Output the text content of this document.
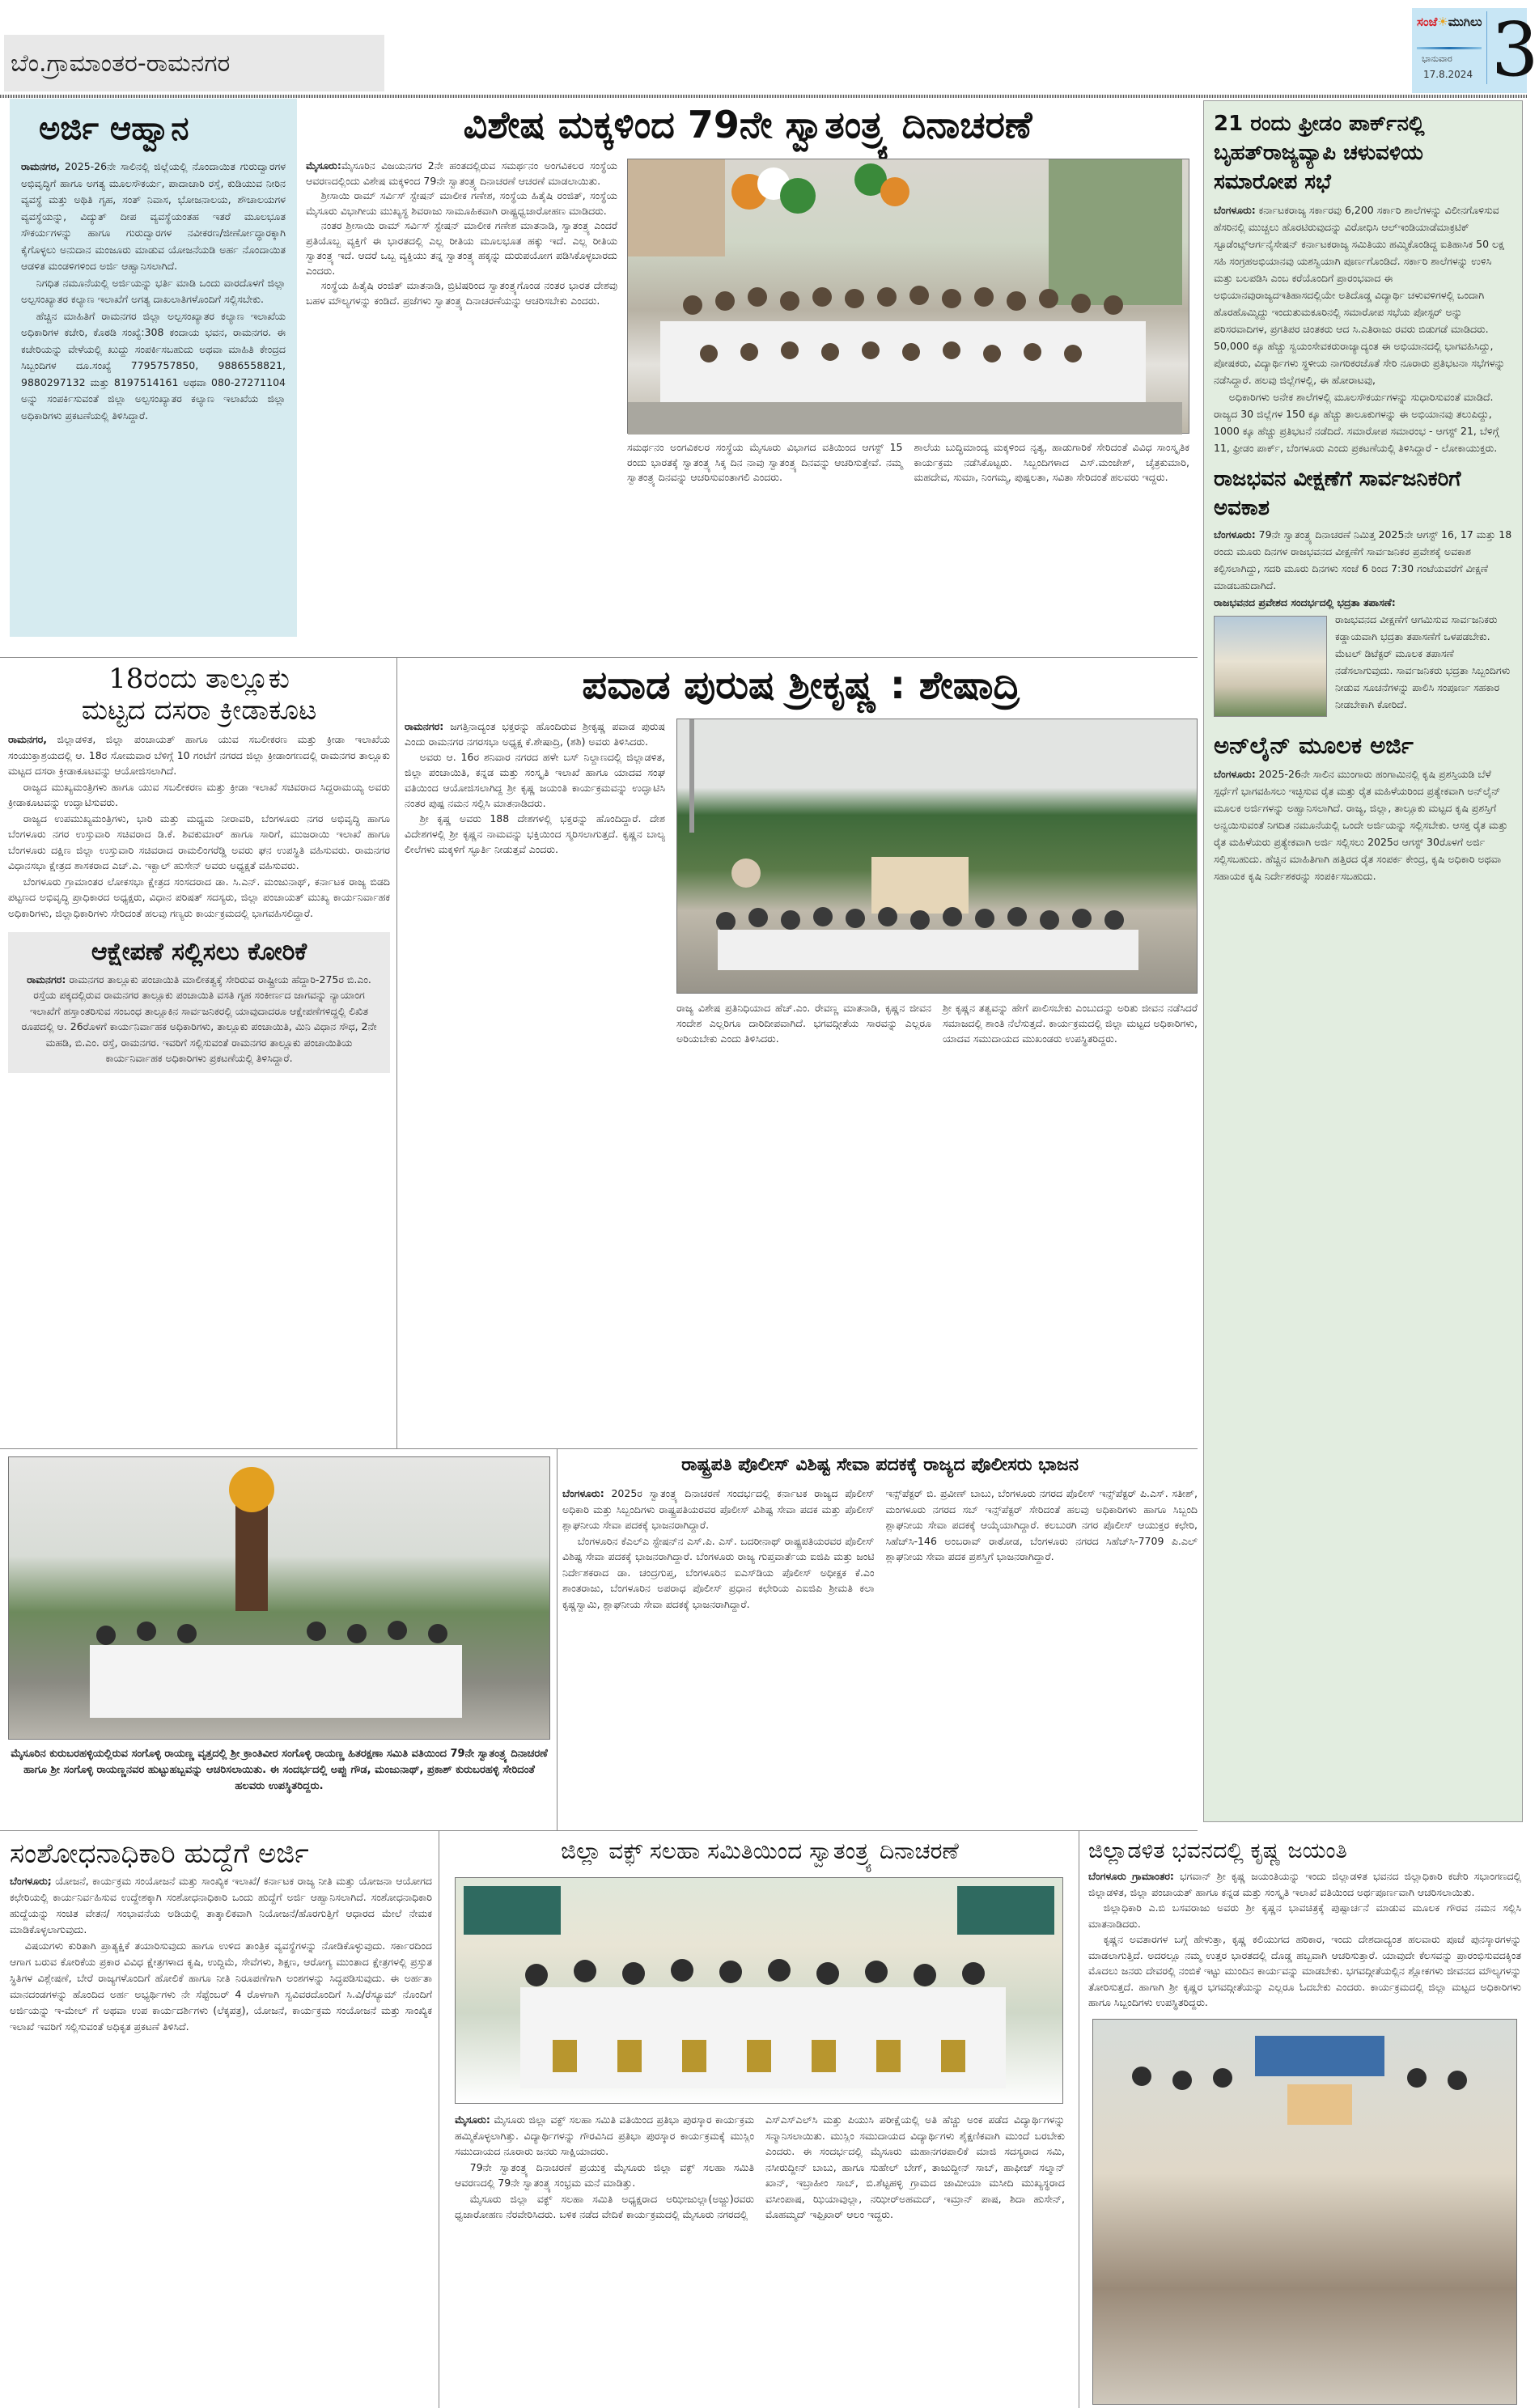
ಬೆಂ.ಗ್ರಾಮಾಂತರ-ರಾಮನಗರ
ಸಂಜೆ☀ಮುಗಿಲು
ಭಾನುವಾರ
17.8.2024 3
ಅರ್ಜಿ ಆಹ್ವಾನ

ರಾಮನಗರ, 2025-26ನೇ ಸಾಲಿನಲ್ಲಿ ಜಿಲ್ಲೆಯಲ್ಲಿ ನೊಂದಾಯಿತ ಗುರುದ್ವಾರಗಳ ಅಭಿವೃದ್ಧಿಗೆ ಹಾಗೂ ಅಗತ್ಯ ಮೂಲಸೌಕರ್ಯ, ಪಾದಾಚಾರಿ ರಸ್ತೆ, ಕುಡಿಯುವ ನೀರಿನ ವ್ಯವಸ್ಥೆ ಮತ್ತು ಅಥಿತಿ ಗೃಹ, ಸಂತ್ ನಿವಾಸ, ಭೋಜನಾಲಯ, ಶೌಚಾಲಯಗಳ ವ್ಯವಸ್ಥೆಯನ್ನು, ವಿದ್ಯುತ್ ದೀಪ ವ್ಯವಸ್ಥೆಯಂತಹ ಇತರೆ ಮೂಲಭೂತ ಸೌಕರ್ಯಗಳನ್ನು ಹಾಗೂ ಗುರುದ್ವಾರಗಳ ನವೀಕರಣ/ಜೀರ್ಣೋದ್ಧಾರಕ್ಕಾಗಿ ಕೈಗೊಳ್ಳಲು ಅನುದಾನ ಮಂಜೂರು ಮಾಡುವ ಯೋಜನೆಯಡಿ ಅರ್ಹ ನೊಂದಾಯಿತ ಆಡಳಿತ ಮಂಡಳಿಗಳಿಂದ ಅರ್ಜಿ ಆಹ್ವಾನಿಸಲಾಗಿದೆ.

ನಿಗಧಿತ ನಮೂನೆಯಲ್ಲಿ ಅರ್ಜಿಯನ್ನು ಭರ್ತಿ ಮಾಡಿ ಒಂದು ವಾರದೊಳಗೆ ಜಿಲ್ಲಾ ಅಲ್ಪಸಂಖ್ಯಾತರ ಕಲ್ಯಾಣ ಇಲಾಖೆಗೆ ಅಗತ್ಯ ದಾಖಲಾತಿಗಳೊಂದಿಗೆ ಸಲ್ಲಿಸಬೇಕು.

ಹೆಚ್ಚಿನ ಮಾಹಿತಿಗೆ ರಾಮನಗರ ಜಿಲ್ಲಾ ಅಲ್ಪಸಂಖ್ಯಾತರ ಕಲ್ಯಾಣ ಇಲಾಖೆಯ ಅಧಿಕಾರಿಗಳ ಕಚೇರಿ, ಕೊಠಡಿ ಸಂಖ್ಯೆ:308 ಕಂದಾಯ ಭವನ, ರಾಮನಗರ. ಈ ಕಚೇರಿಯನ್ನು ವೇಳೆಯಲ್ಲಿ ಖುದ್ದು ಸಂಪರ್ಕಿಸಬಹುದು ಅಥವಾ ಮಾಹಿತಿ ಕೇಂದ್ರದ ಸಿಬ್ಬಂದಿಗಳ ದೂ.ಸಂಖ್ಯೆ 7795757850, 9886558821, 9880297132 ಮತ್ತು 8197514161 ಅಥವಾ 080-27271104 ಅನ್ನು ಸಂಪರ್ಕಿಸುವಂತೆ ಜಿಲ್ಲಾ ಅಲ್ಪಸಂಖ್ಯಾತರ ಕಲ್ಯಾಣ ಇಲಾಖೆಯ ಜಿಲ್ಲಾ ಅಧಿಕಾರಿಗಳು ಪ್ರಕಟಣೆಯಲ್ಲಿ ತಿಳಿಸಿದ್ದಾರೆ.

ವಿಶೇಷ ಮಕ್ಕಳಿಂದ 79ನೇ ಸ್ವಾತಂತ್ರ್ಯ ದಿನಾಚರಣೆ

ಮೈಸೂರು:ಮೈಸೂರಿನ ವಿಜಯನಗರ 2ನೇ ಹಂತದಲ್ಲಿರುವ ಸಮರ್ಥನಂ ಅಂಗವಿಕಲರ ಸಂಸ್ಥೆಯ ಆವರಣದಲ್ಲಿಂದು ವಿಶೇಷ ಮಕ್ಕಳಿಂದ 79ನೇ ಸ್ವಾತಂತ್ರ್ಯ ದಿನಾಚರಣೆ ಆಚರಣೆ ಮಾಡಲಾಯಿತು.

ಶ್ರೀಸಾಯಿ ರಾಮ್ ಸರ್ವಿಸ್ ಸ್ಟೇಷನ್ ಮಾಲೀಕ ಗಣೇಶ, ಸಂಸ್ಥೆಯ ಹಿತೈಷಿ ರಂಜಿತ್, ಸಂಸ್ಥೆಯ ಮೈಸೂರು ವಿಭಾಗೀಯ ಮುಖ್ಯಸ್ಥ ಶಿವರಾಜು ಸಾಮೂಹಿಕವಾಗಿ ರಾಷ್ಟ್ರಧ್ವಜಾರೋಹಣ ಮಾಡಿದರು.

ನಂತರ ಶ್ರೀಸಾಯಿ ರಾಮ್ ಸರ್ವಿಸ್ ಸ್ಟೇಷನ್ ಮಾಲೀಕ ಗಣೇಶ ಮಾತನಾಡಿ, ಸ್ವಾತಂತ್ರ್ಯ ಎಂದರೆ ಪ್ರತಿಯೊಬ್ಬ ವ್ಯಕ್ತಿಗೆ ಈ ಭಾರತದಲ್ಲಿ ಎಲ್ಲ ರೀತಿಯ ಮೂಲಭೂತ ಹಕ್ಕು ಇದೆ. ಎಲ್ಲ ರೀತಿಯ ಸ್ವಾತಂತ್ರ್ಯ ಇದೆ. ಆದರೆ ಒಬ್ಬ ವ್ಯಕ್ತಿಯು ತನ್ನ ಸ್ವಾತಂತ್ರ್ಯ ಹಕ್ಕನ್ನು ದುರುಪಯೋಗ ಪಡಿಸಿಕೊಳ್ಳಬಾರದು ಎಂದರು.

ಸಂಸ್ಥೆಯ ಹಿತೈಷಿ ರಂಜಿತ್ ಮಾತನಾಡಿ, ಬ್ರಿಟಿಷರಿಂದ ಸ್ವಾತಂತ್ರ್ಯಗೊಂಡ ನಂತರ ಭಾರತ ದೇಶವು ಬಹಳ ಮೌಲ್ಯಗಳನ್ನು ಕಂಡಿದೆ. ಪ್ರಜೆಗಳು ಸ್ವಾತಂತ್ರ್ಯ ದಿನಾಚರಣೆಯನ್ನು ಆಚರಿಸಬೇಕು ಎಂದರು.

ಸಮರ್ಥನಂ ಅಂಗವಿಕಲರ ಸಂಸ್ಥೆಯ ಮೈಸೂರು ವಿಭಾಗದ ವತಿಯಿಂದ ಆಗಸ್ಟ್ 15 ರಂದು ಭಾರತಕ್ಕೆ ಸ್ವಾತಂತ್ರ್ಯ ಸಿಕ್ಕ ದಿನ ನಾವು ಸ್ವಾತಂತ್ರ್ಯ ದಿನವನ್ನು ಆಚರಿಸುತ್ತೇವೆ. ನಮ್ಮ ಸ್ವಾತಂತ್ರ್ಯ ದಿನವನ್ನು ಆಚರಿಸುವಂತಾಗಲಿ ಎಂದರು.

ಶಾಲೆಯ ಬುದ್ಧಿಮಾಂದ್ಯ ಮಕ್ಕಳಿಂದ ನೃತ್ಯ, ಹಾಡುಗಾರಿಕೆ ಸೇರಿದಂತೆ ವಿವಿಧ ಸಾಂಸ್ಕೃತಿಕ ಕಾರ್ಯಕ್ರಮ ನಡೆಸಿಕೊಟ್ಟರು. ಸಿಬ್ಬಂದಿಗಳಾದ ಎಸ್.ಮಂಜೇಶ್, ಚೈತ್ರಕುಮಾರಿ, ಮಹದೇವ, ಸುಮಾ, ನಿಂಗಮ್ಮ, ಪುಷ್ಪಲತಾ, ಸವಿತಾ ಸೇರಿದಂತೆ ಹಲವರು ಇದ್ದರು.

21 ರಂದು ಫ್ರೀಡಂ ಪಾರ್ಕ್‌ನಲ್ಲಿ ಬೃಹತ್‌ರಾಜ್ಯವ್ಯಾಪಿ ಚಳುವಳಿಯ ಸಮಾರೋಪ ಸಭೆ

ಬೆಂಗಳೂರು: ಕರ್ನಾಟಕರಾಜ್ಯ ಸರ್ಕಾರವು 6,200 ಸರ್ಕಾರಿ ಶಾಲೆಗಳನ್ನು ವಿಲೀನಗೊಳಿಸುವ ಹೆಸರಿನಲ್ಲಿ ಮುಚ್ಚಲು ಹೊರಟಿರುವುದನ್ನು ವಿರೋಧಿಸಿ ಆಲ್‌ಇಂಡಿಯಾಡೆಮಾಕ್ರಟಿಕ್ ಸ್ಟೂಡೆಂಟ್ಸ್‌ಆರ್ಗನೈಸೇಷನ್ ಕರ್ನಾಟಕರಾಜ್ಯ ಸಮಿತಿಯು ಹಮ್ಮಿಕೊಂಡಿದ್ದ ಐತಿಹಾಸಿಕ 50 ಲಕ್ಷ ಸಹಿ ಸಂಗ್ರಹಅಭಿಯಾನವು ಯಶಸ್ವಿಯಾಗಿ ಪೂರ್ಣಗೊಂಡಿದೆ. ಸರ್ಕಾರಿ ಶಾಲೆಗಳನ್ನು ಉಳಿಸಿ ಮತ್ತು ಬಲಪಡಿಸಿ ಎಂಬ ಕರೆಯೊಂದಿಗೆ ಪ್ರಾರಂಭವಾದ ಈ ಅಭಿಯಾನವುರಾಜ್ಯದಇತಿಹಾಸದಲ್ಲಿಯೇ ಅತಿದೊಡ್ಡ ವಿದ್ಯಾರ್ಥಿ ಚಳುವಳಿಗಳಲ್ಲಿ ಒಂದಾಗಿ ಹೊರಹೊಮ್ಮಿದ್ದು ಇಂದುತುಮಕೂರಿನಲ್ಲಿ ಸಮಾರೋಪ ಸಭೆಯ ಪೋಸ್ಟರ್ ಅನ್ನು ಪರಿಸರವಾದಿಗಳ, ಪ್ರಗತಿಪರ ಚಿಂತಕರು ಆದ ಸಿ.ಎತಿರಾಜು ರವರು ಬಿಡುಗಡೆ ಮಾಡಿದರು. 50,000 ಕ್ಕೂ ಹೆಚ್ಚು ಸ್ವಯಂಸೇವಕರುರಾಜ್ಯಾದ್ಯಂತ ಈ ಅಭಿಯಾನದಲ್ಲಿ ಭಾಗವಹಿಸಿದ್ದು, ಪೋಷಕರು, ವಿದ್ಯಾರ್ಥಿಗಳು ಸ್ಥಳೀಯ ನಾಗರಿಕರಜೊತೆ ಸೇರಿ ನೂರಾರು ಪ್ರತಿಭಟನಾ ಸಭೆಗಳನ್ನು ನಡೆಸಿದ್ದಾರೆ. ಹಲವು ಜಿಲ್ಲೆಗಳಲ್ಲಿ, ಈ ಹೋರಾಟವು,

ಅಧಿಕಾರಿಗಳು ಅನೇಕ ಶಾಲೆಗಳಲ್ಲಿ ಮೂಲಸೌಕರ್ಯಗಳನ್ನು ಸುಧಾರಿಸುವಂತೆ ಮಾಡಿದೆ. ರಾಜ್ಯದ 30 ಜಿಲ್ಲೆಗಳ 150 ಕ್ಕೂ ಹೆಚ್ಚು ತಾಲೂಕುಗಳನ್ನು ಈ ಅಭಿಯಾನವು ತಲುಪಿದ್ದು, 1000 ಕ್ಕೂ ಹೆಚ್ಚು ಪ್ರತಿಭಟನೆ ನಡೆದಿದೆ. ಸಮಾರೋಪ ಸಮಾರಂಭ - ಆಗಸ್ಟ್ 21, ಬೆಳಿಗ್ಗೆ 11, ಫ್ರೀಡಂ ಪಾರ್ಕ್, ಬೆಂಗಳೂರು ಎಂದು ಪ್ರಕಟಣೆಯಲ್ಲಿ ತಿಳಿಸಿದ್ದಾರೆ - ಲೋಕಾಯುಕ್ತರು.

ರಾಜಭವನ ವೀಕ್ಷಣೆಗೆ ಸಾರ್ವಜನಿಕರಿಗೆ ಅವಕಾಶ

ಬೆಂಗಳೂರು: 79ನೇ ಸ್ವಾತಂತ್ರ್ಯ ದಿನಾಚರಣೆ ನಿಮಿತ್ತ 2025ನೇ ಆಗಸ್ಟ್ 16, 17 ಮತ್ತು 18 ರಂದು ಮೂರು ದಿನಗಳ ರಾಜಭವನದ ವೀಕ್ಷಣೆಗೆ ಸಾರ್ವಜನಿಕರ ಪ್ರವೇಶಕ್ಕೆ ಅವಕಾಶ ಕಲ್ಪಿಸಲಾಗಿದ್ದು, ಸದರಿ ಮೂರು ದಿನಗಳು ಸಂಜೆ 6 ರಿಂದ 7:30 ಗಂಟೆಯವರೆಗೆ ವೀಕ್ಷಣೆ ಮಾಡಬಹುದಾಗಿದೆ.

ರಾಜಭವನದ ಪ್ರವೇಶದ ಸಂದರ್ಭದಲ್ಲಿ ಭದ್ರತಾ ತಪಾಸಣೆ:

ರಾಜಭವನದ ವೀಕ್ಷಣೆಗೆ ಆಗಮಿಸುವ ಸಾರ್ವಜನಿಕರು ಕಡ್ಡಾಯವಾಗಿ ಭದ್ರತಾ ತಪಾಸಣೆಗೆ ಒಳಪಡಬೇಕು. ಮೆಟಲ್ ಡಿಟೆಕ್ಟರ್ ಮೂಲಕ ತಪಾಸಣೆ ನಡೆಸಲಾಗುವುದು. ಸಾರ್ವಜನಿಕರು ಭದ್ರತಾ ಸಿಬ್ಬಂದಿಗಳು ನೀಡುವ ಸೂಚನೆಗಳನ್ನು ಪಾಲಿಸಿ ಸಂಪೂರ್ಣ ಸಹಕಾರ ನೀಡಬೇಕಾಗಿ ಕೋರಿದೆ.

ಅನ್‌ಲೈನ್ ಮೂಲಕ ಅರ್ಜಿ

ಬೆಂಗಳೂರು: 2025-26ನೇ ಸಾಲಿನ ಮುಂಗಾರು ಹಂಗಾಮಿನಲ್ಲಿ ಕೃಷಿ ಪ್ರಶಸ್ತಿಯಡಿ ಬೆಳೆ ಸ್ಪರ್ಧೆಗೆ ಭಾಗವಹಿಸಲು ಇಚ್ಛಿಸುವ ರೈತ ಮತ್ತು ರೈತ ಮಹಿಳೆಯರಿಂದ ಪ್ರತ್ಯೇಕವಾಗಿ ಅನ್‌ಲೈನ್ ಮೂಲಕ ಅರ್ಜಿಗಳನ್ನು ಅಹ್ವಾನಿಸಲಾಗಿದೆ. ರಾಜ್ಯ, ಜಿಲ್ಲಾ, ತಾಲ್ಲೂಕು ಮಟ್ಟದ ಕೃಷಿ ಪ್ರಶಸ್ತಿಗೆ ಅನ್ವಯಿಸುವಂತೆ ನಿಗದಿತ ನಮೂನೆಯಲ್ಲಿ ಒಂದೇ ಅರ್ಜಿಯನ್ನು ಸಲ್ಲಿಸಬೇಕು. ಆಸಕ್ತ ರೈತ ಮತ್ತು ರೈತ ಮಹಿಳೆಯರು ಪ್ರತ್ಯೇಕವಾಗಿ ಅರ್ಜಿ ಸಲ್ಲಿಸಲು 2025ರ ಆಗಸ್ಟ್ 30ರೊಳಗೆ ಅರ್ಜಿ ಸಲ್ಲಿಸಬಹುದು. ಹೆಚ್ಚಿನ ಮಾಹಿತಿಗಾಗಿ ಹತ್ತಿರದ ರೈತ ಸಂಪರ್ಕ ಕೇಂದ್ರ, ಕೃಷಿ ಅಧಿಕಾರಿ ಅಥವಾ ಸಹಾಯಕ ಕೃಷಿ ನಿರ್ದೇಶಕರನ್ನು ಸಂಪರ್ಕಿಸಬಹುದು.

18ರಂದು ತಾಲ್ಲೂಕು
ಮಟ್ಟದ ದಸರಾ ಕ್ರೀಡಾಕೂಟ

ರಾಮನಗರ, ಜಿಲ್ಲಾಡಳಿತ, ಜಿಲ್ಲಾ ಪಂಚಾಯತ್ ಹಾಗೂ ಯುವ ಸಬಲೀಕರಣ ಮತ್ತು ಕ್ರೀಡಾ ಇಲಾಖೆಯ ಸಂಯುಕ್ತಾಶ್ರಯದಲ್ಲಿ ಆ. 18ರ ಸೋಮವಾರ ಬೆಳಿಗ್ಗೆ 10 ಗಂಟೆಗೆ ನಗರದ ಜಿಲ್ಲಾ ಕ್ರೀಡಾಂಗಣದಲ್ಲಿ ರಾಮನಗರ ತಾಲ್ಲೂಕು ಮಟ್ಟದ ದಸರಾ ಕ್ರೀಡಾಕೂಟವನ್ನು ಆಯೋಜಿಸಲಾಗಿದೆ.

ರಾಜ್ಯದ ಮುಖ್ಯಮಂತ್ರಿಗಳು ಹಾಗೂ ಯುವ ಸಬಲೀಕರಣ ಮತ್ತು ಕ್ರೀಡಾ ಇಲಾಖೆ ಸಚಿವರಾದ ಸಿದ್ದರಾಮಯ್ಯ ಅವರು ಕ್ರೀಡಾಕೂಟವನ್ನು ಉದ್ಘಾಟಿಸುವರು.

ರಾಜ್ಯದ ಉಪಮುಖ್ಯಮಂತ್ರಿಗಳು, ಭಾರಿ ಮತ್ತು ಮಧ್ಯಮ ನೀರಾವರಿ, ಬೆಂಗಳೂರು ನಗರ ಅಭಿವೃದ್ಧಿ ಹಾಗೂ ಬೆಂಗಳೂರು ನಗರ ಉಸ್ತುವಾರಿ ಸಚಿವರಾದ ಡಿ.ಕೆ. ಶಿವಕುಮಾರ್ ಹಾಗೂ ಸಾರಿಗೆ, ಮುಜರಾಯಿ ಇಲಾಖೆ ಹಾಗೂ ಬೆಂಗಳೂರು ದಕ್ಷಿಣ ಜಿಲ್ಲಾ ಉಸ್ತುವಾರಿ ಸಚಿವರಾದ ರಾಮಲಿಂಗರೆಡ್ಡಿ ಅವರು ಘನ ಉಪಸ್ಥಿತಿ ವಹಿಸುವರು. ರಾಮನಗರ ವಿಧಾನಸಭಾ ಕ್ಷೇತ್ರದ ಶಾಸಕರಾದ ಎಚ್.ಎ. ಇಕ್ಬಾಲ್ ಹುಸೇನ್ ಅವರು ಅಧ್ಯಕ್ಷತೆ ವಹಿಸುವರು.

ಬೆಂಗಳೂರು ಗ್ರಾಮಾಂತರ ಲೋಕಸಭಾ ಕ್ಷೇತ್ರದ ಸಂಸದರಾದ ಡಾ. ಸಿ.ಎನ್. ಮಂಜುನಾಥ್, ಕರ್ನಾಟಕ ರಾಜ್ಯ ಬಿಡದಿ ಪಟ್ಟಣದ ಅಭಿವೃದ್ಧಿ ಪ್ರಾಧಿಕಾರದ ಅಧ್ಯಕ್ಷರು, ವಿಧಾನ ಪರಿಷತ್ ಸದಸ್ಯರು, ಜಿಲ್ಲಾ ಪಂಚಾಯತ್ ಮುಖ್ಯ ಕಾರ್ಯನಿರ್ವಾಹಕ ಅಧಿಕಾರಿಗಳು, ಜಿಲ್ಲಾಧಿಕಾರಿಗಳು ಸೇರಿದಂತೆ ಹಲವು ಗಣ್ಯರು ಕಾರ್ಯಕ್ರಮದಲ್ಲಿ ಭಾಗವಹಿಸಲಿದ್ದಾರೆ.

ಆಕ್ಷೇಪಣೆ ಸಲ್ಲಿಸಲು ಕೋರಿಕೆ
ರಾಮನಗರ: ರಾಮನಗರ ತಾಲ್ಲೂಕು ಪಂಚಾಯಿತಿ ಮಾಲೀಕತ್ವಕ್ಕೆ ಸೇರಿರುವ ರಾಷ್ಟ್ರೀಯ ಹೆದ್ದಾರಿ-275ರ ಬಿ.ಎಂ. ರಸ್ತೆಯ ಪಕ್ಕದಲ್ಲಿರುವ ರಾಮನಗರ ತಾಲ್ಲೂಕು ಪಂಚಾಯಿತಿ ವಸತಿ ಗೃಹ ಸಂಕೀರ್ಣದ ಜಾಗವನ್ನು ನ್ಯಾಯಾಂಗ ಇಲಾಖೆಗೆ ಹಸ್ತಾಂತರಿಸುವ ಸಂಬಂಧ ತಾಲ್ಲೂಕಿನ ಸಾರ್ವಜನಿಕರಲ್ಲಿ ಯಾವುದಾದರೂ ಆಕ್ಷೇಪಣೆಗಳಿದ್ದಲ್ಲಿ ಲಿಖಿತ ರೂಪದಲ್ಲಿ ಆ. 26ರೊಳಗೆ ಕಾರ್ಯನಿರ್ವಾಹಕ ಅಧಿಕಾರಿಗಳು, ತಾಲ್ಲೂಕು ಪಂಚಾಯಿತಿ, ಮಿನಿ ವಿಧಾನ ಸೌಧ, 2ನೇ ಮಹಡಿ, ಬಿ.ಎಂ. ರಸ್ತೆ, ರಾಮನಗರ. ಇವರಿಗೆ ಸಲ್ಲಿಸುವಂತೆ ರಾಮನಗರ ತಾಲ್ಲೂಕು ಪಂಚಾಯಿತಿಯ ಕಾರ್ಯನಿರ್ವಾಹಕ ಅಧಿಕಾರಿಗಳು ಪ್ರಕಟಣೆಯಲ್ಲಿ ತಿಳಿಸಿದ್ದಾರೆ.
ಪವಾಡ ಪುರುಷ ಶ್ರೀಕೃಷ್ಣ : ಶೇಷಾದ್ರಿ

ರಾಮನಗರ: ಜಗತ್ತಿನಾದ್ಯಂತ ಭಕ್ತರನ್ನು ಹೊಂದಿರುವ ಶ್ರೀಕೃಷ್ಣ ಪವಾಡ ಪುರುಷ ಎಂದು ರಾಮನಗರ ನಗರಸಭಾ ಅಧ್ಯಕ್ಷ ಕೆ.ಶೇಷಾದ್ರಿ, (ಶಶಿ) ಅವರು ತಿಳಿಸಿದರು.

ಅವರು ಆ. 16ರ ಶನಿವಾರ ನಗರದ ಹಳೇ ಬಸ್ ನಿಲ್ದಾಣದಲ್ಲಿ ಜಿಲ್ಲಾಡಳಿತ, ಜಿಲ್ಲಾ ಪಂಚಾಯಿತಿ, ಕನ್ನಡ ಮತ್ತು ಸಂಸ್ಕೃತಿ ಇಲಾಖೆ ಹಾಗೂ ಯಾದವ ಸಂಘ ವತಿಯಿಂದ ಆಯೋಜಿಸಲಾಗಿದ್ದ ಶ್ರೀ ಕೃಷ್ಣ ಜಯಂತಿ ಕಾರ್ಯಕ್ರಮವನ್ನು ಉದ್ಘಾಟಿಸಿ ನಂತರ ಪುಷ್ಪ ನಮನ ಸಲ್ಲಿಸಿ ಮಾತನಾಡಿದರು.

ಶ್ರೀ ಕೃಷ್ಣ ಅವರು 188 ದೇಶಗಳಲ್ಲಿ ಭಕ್ತರನ್ನು ಹೊಂದಿದ್ದಾರೆ. ದೇಶ ವಿದೇಶಗಳಲ್ಲಿ ಶ್ರೀ ಕೃಷ್ಣನ ನಾಮವನ್ನು ಭಕ್ತಿಯಿಂದ ಸ್ಮರಿಸಲಾಗುತ್ತದೆ. ಕೃಷ್ಣನ ಬಾಲ್ಯ ಲೀಲೆಗಳು ಮಕ್ಕಳಿಗೆ ಸ್ಫೂರ್ತಿ ನೀಡುತ್ತವೆ ಎಂದರು.

ರಾಜ್ಯ ವಿಶೇಷ ಪ್ರತಿನಿಧಿಯಾದ ಹೆಚ್.ಎಂ. ರೇವಣ್ಣ ಮಾತನಾಡಿ, ಕೃಷ್ಣನ ಜೀವನ ಸಂದೇಶ ಎಲ್ಲರಿಗೂ ದಾರಿದೀಪವಾಗಿದೆ. ಭಗವದ್ಗೀತೆಯ ಸಾರವನ್ನು ಎಲ್ಲರೂ ಅರಿಯಬೇಕು ಎಂದು ತಿಳಿಸಿದರು.

ಶ್ರೀ ಕೃಷ್ಣನ ತತ್ವವನ್ನು ಹೇಗೆ ಪಾಲಿಸಬೇಕು ಎಂಬುದನ್ನು ಅರಿತು ಜೀವನ ನಡೆಸಿದರೆ ಸಮಾಜದಲ್ಲಿ ಶಾಂತಿ ನೆಲೆಸುತ್ತದೆ. ಕಾರ್ಯಕ್ರಮದಲ್ಲಿ ಜಿಲ್ಲಾ ಮಟ್ಟದ ಅಧಿಕಾರಿಗಳು, ಯಾದವ ಸಮುದಾಯದ ಮುಖಂಡರು ಉಪಸ್ಥಿತರಿದ್ದರು.

ಮೈಸೂರಿನ ಕುರುಬರಹಳ್ಳಿಯಲ್ಲಿರುವ ಸಂಗೊಳ್ಳಿ ರಾಯಣ್ಣ ವೃತ್ತದಲ್ಲಿ ಶ್ರೀ ಕ್ರಾಂತಿವೀರ ಸಂಗೊಳ್ಳಿ ರಾಯಣ್ಣ ಹಿತರಕ್ಷಣಾ ಸಮಿತಿ ವತಿಯಿಂದ 79ನೇ ಸ್ವಾತಂತ್ರ್ಯ ದಿನಾಚರಣೆ ಹಾಗೂ ಶ್ರೀ ಸಂಗೊಳ್ಳಿ ರಾಯಣ್ಣನವರ ಹುಟ್ಟುಹಬ್ಬವನ್ನು ಆಚರಿಸಲಾಯಿತು. ಈ ಸಂದರ್ಭದಲ್ಲಿ ಅಪ್ಪು ಗೌಡ, ಮಂಜುನಾಥ್, ಪ್ರಕಾಶ್ ಕುರುಬರಹಳ್ಳಿ ಸೇರಿದಂತೆ ಹಲವರು ಉಪಸ್ಥಿತರಿದ್ದರು.
ರಾಷ್ಟ್ರಪತಿ ಪೊಲೀಸ್ ವಿಶಿಷ್ಟ ಸೇವಾ ಪದಕಕ್ಕೆ ರಾಜ್ಯದ ಪೊಲೀಸರು ಭಾಜನ

ಬೆಂಗಳೂರು: 2025ರ ಸ್ವಾತಂತ್ರ್ಯ ದಿನಾಚರಣೆ ಸಂದರ್ಭದಲ್ಲಿ ಕರ್ನಾಟಕ ರಾಜ್ಯದ ಪೊಲೀಸ್ ಅಧಿಕಾರಿ ಮತ್ತು ಸಿಬ್ಬಂದಿಗಳು ರಾಷ್ಟ್ರಪತಿಯರವರ ಪೊಲೀಸ್ ವಿಶಿಷ್ಟ ಸೇವಾ ಪದಕ ಮತ್ತು ಪೊಲೀಸ್ ಶ್ಲಾಘನೀಯ ಸೇವಾ ಪದಕಕ್ಕೆ ಭಾಜನರಾಗಿದ್ದಾರೆ.

ಬೆಂಗಳೂರಿನ ಕೆಎಲ್‌ಎ ಸ್ಟೇಷನ್‌ನ ಎಸ್.ಪಿ. ಎಸ್. ಬದರೀನಾಥ್ ರಾಷ್ಟ್ರಪತಿಯರವರ ಪೊಲೀಸ್ ವಿಶಿಷ್ಟ ಸೇವಾ ಪದಕಕ್ಕೆ ಭಾಜನರಾಗಿದ್ದಾರೆ. ಬೆಂಗಳೂರು ರಾಜ್ಯ ಗುಪ್ತವಾರ್ತೆಯ ಐಜಿಪಿ ಮತ್ತು ಜಂಟಿ ನಿರ್ದೇಶಕರಾದ ಡಾ. ಚಂದ್ರಗುಪ್ತ, ಬೆಂಗಳೂರಿನ ಐಎಸ್‌ಡಿಯ ಪೊಲೀಸ್ ಅಧೀಕ್ಷಕ ಕೆ.ಎಂ ಶಾಂತರಾಜು, ಬೆಂಗಳೂರಿನ ಅಪರಾಧ ಪೊಲೀಸ್ ಪ್ರಧಾನ ಕಛೇರಿಯ ಎಐಜಿಪಿ ಶ್ರೀಮತಿ ಕಲಾ ಕೃಷ್ಣಸ್ವಾಮಿ, ಶ್ಲಾಘನೀಯ ಸೇವಾ ಪದಕಕ್ಕೆ ಭಾಜನರಾಗಿದ್ದಾರೆ.

ಇನ್ಸ್‌ಪೆಕ್ಟರ್ ಬಿ. ಪ್ರವೀಣ್ ಬಾಬು, ಬೆಂಗಳೂರು ನಗರದ ಪೊಲೀಸ್ ಇನ್ಸ್‌ಪೆಕ್ಟರ್ ಪಿ.ಎಸ್. ಸತೀಶ್, ಮಂಗಳೂರು ನಗರದ ಸಬ್ ಇನ್ಸ್‌ಪೆಕ್ಟರ್ ಸೇರಿದಂತೆ ಹಲವು ಅಧಿಕಾರಿಗಳು ಹಾಗೂ ಸಿಬ್ಬಂದಿ ಶ್ಲಾಘನೀಯ ಸೇವಾ ಪದಕಕ್ಕೆ ಆಯ್ಕೆಯಾಗಿದ್ದಾರೆ. ಕಲಬುರಗಿ ನಗರ ಪೊಲೀಸ್ ಆಯುಕ್ತರ ಕಛೇರಿ, ಸಿಹೆಚ್‌ಸಿ-146 ಅಂಬರಾವ್ ರಾಠೋಡ, ಬೆಂಗಳೂರು ನಗರದ ಸಿಹೆಚ್‌ಸಿ-7709 ಪಿ.ಎಲ್ ಶ್ಲಾಘನೀಯ ಸೇವಾ ಪದಕ ಪ್ರಶಸ್ತಿಗೆ ಭಾಜನರಾಗಿದ್ದಾರೆ.

ಸಂಶೋಧನಾಧಿಕಾರಿ ಹುದ್ದೆಗೆ ಅರ್ಜಿ

ಬೆಂಗಳೂರು; ಯೋಜನೆ, ಕಾರ್ಯಕ್ರಮ ಸಂಯೋಜನೆ ಮತ್ತು ಸಾಂಖ್ಯಿಕ ಇಲಾಖೆ/ ಕರ್ನಾಟಕ ರಾಜ್ಯ ನೀತಿ ಮತ್ತು ಯೋಜನಾ ಆಯೋಗದ ಕಛೇರಿಯಲ್ಲಿ ಕಾರ್ಯನಿರ್ವಹಿಸುವ ಉದ್ದೇಶಕ್ಕಾಗಿ ಸಂಶೋಧನಾಧಿಕಾರಿ ಒಂದು ಹುದ್ದೆಗೆ ಅರ್ಜಿ ಆಹ್ವಾನಿಸಲಾಗಿದೆ. ಸಂಶೋಧನಾಧಿಕಾರಿ ಹುದ್ದೆಯನ್ನು ಸಂಚಿತ ವೇತನ/ ಸಂಭಾವನೆಯ ಅಡಿಯಲ್ಲಿ ತಾತ್ಕಾಲಿಕವಾಗಿ ನಿಯೋಜನೆ/ಹೊರಗುತ್ತಿಗೆ ಆಧಾರದ ಮೇಲೆ ನೇಮಕ ಮಾಡಿಕೊಳ್ಳಲಾಗುವುದು.

ವಿಷಯಗಳು ಕುರಿತಾಗಿ ಪ್ರಾತ್ಯಕ್ಷಿಕೆ ತಯಾರಿಸುವುದು ಹಾಗೂ ಉಳಿದ ತಾಂತ್ರಿಕ ವ್ಯವಸ್ಥೆಗಳನ್ನು ನೋಡಿಕೊಳ್ಳುವುದು. ಸರ್ಕಾರದಿಂದ ಆಗಾಗ ಬರುವ ಕೋರಿಕೆಯ ಪ್ರಕಾರ ವಿವಿಧ ಕ್ಷೇತ್ರಗಳಾದ ಕೃಷಿ, ಉದ್ದಿಮೆ, ಸೇವೆಗಳು, ಶಿಕ್ಷಣ, ಆರೋಗ್ಯ ಮುಂತಾದ ಕ್ಷೇತ್ರಗಳಲ್ಲಿ ಪ್ರಸ್ತುತ ಸ್ಥಿತಿಗಳ ವಿಶ್ಲೇಷಣೆ, ಬೇರೆ ರಾಜ್ಯಗಳೊಂದಿಗೆ ಹೋಲಿಕೆ ಹಾಗೂ ನೀತಿ ನಿರೂಪಣೆಗಾಗಿ ಅಂಶಗಳನ್ನು ಸಿದ್ಧಪಡಿಸುವುದು. ಈ ಅರ್ಹತಾ ಮಾನದಂಡಗಳನ್ನು ಹೊಂದಿದ ಅರ್ಹ ಅಭ್ಯರ್ಥಿಗಳು ನೇ ಸೆಪ್ಟೆಂಬರ್ 4 ರೊಳಗಾಗಿ ಸ್ವವಿವರದೊಂದಿಗೆ ಸಿ.ವಿ/ರೆಸ್ಯೂಮ್ ನೊಂದಿಗೆ ಅರ್ಜಿಯನ್ನು ಇ-ಮೇಲ್ ಗೆ ಅಥವಾ ಉಪ ಕಾರ್ಯದರ್ಶಿಗಳು (ಲೆಕ್ಕಪತ್ರ), ಯೋಜನೆ, ಕಾರ್ಯಕ್ರಮ ಸಂಯೋಜನೆ ಮತ್ತು ಸಾಂಖ್ಯಿಕ ಇಲಾಖೆ ಇವರಿಗೆ ಸಲ್ಲಿಸುವಂತೆ ಅಧಿಕೃತ ಪ್ರಕಟಣೆ ತಿಳಿಸಿದೆ.

ಜಿಲ್ಲಾ ವಕ್ಫ್ ಸಲಹಾ ಸಮಿತಿಯಿಂದ ಸ್ವಾತಂತ್ರ್ಯ ದಿನಾಚರಣೆ

ಮೈಸೂರು: ಮೈಸೂರು ಜಿಲ್ಲಾ ವಕ್ಫ್ ಸಲಹಾ ಸಮಿತಿ ವತಿಯಿಂದ ಪ್ರತಿಭಾ ಪುರಸ್ಕಾರ ಕಾರ್ಯಕ್ರಮ ಹಮ್ಮಿಕೊಳ್ಳಲಾಗಿತ್ತು. ವಿದ್ಯಾರ್ಥಿಗಳನ್ನು ಗೌರವಿಸಿದ ಪ್ರತಿಭಾ ಪುರಸ್ಕಾರ ಕಾರ್ಯಕ್ರಮಕ್ಕೆ ಮುಸ್ಲಿಂ ಸಮುದಾಯದ ನೂರಾರು ಜನರು ಸಾಕ್ಷಿಯಾದರು.

79ನೇ ಸ್ವಾತಂತ್ರ್ಯ ದಿನಾಚರಣೆ ಪ್ರಯುಕ್ತ ಮೈಸೂರು ಜಿಲ್ಲಾ ವಕ್ಫ್ ಸಲಹಾ ಸಮಿತಿ ಆವರಣದಲ್ಲಿ 79ನೇ ಸ್ವಾತಂತ್ರ್ಯ ಸಂಭ್ರಮ ಮನೆ ಮಾಡಿತ್ತು.

ಮೈಸೂರು ಜಿಲ್ಲಾ ವಕ್ಫ್ ಸಲಹಾ ಸಮಿತಿ ಅಧ್ಯಕ್ಷರಾದ ಅಝೀಜುಲ್ಲಾ(ಅಜ್ಜು)ರವರು ಧ್ವಜಾರೋಹಣ ನೆರವೇರಿಸಿದರು. ಬಳಿಕ ನಡೆದ ವೇದಿಕೆ ಕಾರ್ಯಕ್ರಮದಲ್ಲಿ ಮೈಸೂರು ನಗರದಲ್ಲಿ

ಎಸ್‌ಎಸ್‌ಎಲ್‌ಸಿ ಮತ್ತು ಪಿಯುಸಿ ಪರೀಕ್ಷೆಯಲ್ಲಿ ಅತಿ ಹೆಚ್ಚು ಅಂಕ ಪಡೆದ ವಿದ್ಯಾರ್ಥಿಗಳನ್ನು ಸನ್ಮಾನಿಸಲಾಯಿತು. ಮುಸ್ಲಿಂ ಸಮುದಾಯದ ವಿದ್ಯಾರ್ಥಿಗಳು ಶೈಕ್ಷಣಿಕವಾಗಿ ಮುಂದೆ ಬರಬೇಕು ಎಂದರು. ಈ ಸಂದರ್ಭದಲ್ಲಿ ಮೈಸೂರು ಮಹಾನಗರಪಾಲಿಕೆ ಮಾಜಿ ಸದಸ್ಯರಾದ ಸಮಿ, ನಸೀರುದ್ದೀನ್ ಬಾಬು, ಹಾಗೂ ಸುಹೇಲ್ ಬೇಗ್, ತಾಜುದ್ದೀನ್ ಸಾಬ್, ಹಾಫೀಜ್ ಸಲ್ಮಾನ್ ಖಾನ್, ಇಬ್ರಾಹೀಂ ಸಾಬ್, ಬಿ.ಶೆಟ್ಟಹಳ್ಳಿ ಗ್ರಾಮದ ಜಾಮೀಯಾ ಮಸೀದಿ ಮುಖ್ಯಸ್ಥರಾದ ವಸೀಂಪಾಷ, ಝಿಯಾವುಲ್ಲಾ, ನಝೀರ್‌ಅಹಮದ್, ಇಮ್ರಾನ್ ಪಾಷ, ಶಿದಾ ಹುಸೇನ್, ಮೊಹಮ್ಮದ್ ಇಫ್ತಿಖಾರ್ ಆಲಂ ಇದ್ದರು.

ಜಿಲ್ಲಾಡಳಿತ ಭವನದಲ್ಲಿ ಕೃಷ್ಣ ಜಯಂತಿ

ಬೆಂಗಳೂರು ಗ್ರಾಮಾಂತರ: ಭಗವಾನ್ ಶ್ರೀ ಕೃಷ್ಣ ಜಯಂತಿಯನ್ನು ಇಂದು ಜಿಲ್ಲಾಡಳಿತ ಭವನದ ಜಿಲ್ಲಾಧಿಕಾರಿ ಕಚೇರಿ ಸಭಾಂಗಣದಲ್ಲಿ ಜಿಲ್ಲಾಡಳಿತ, ಜಿಲ್ಲಾ ಪಂಚಾಯತ್ ಹಾಗೂ ಕನ್ನಡ ಮತ್ತು ಸಂಸ್ಕೃತಿ ಇಲಾಖೆ ವತಿಯಿಂದ ಅರ್ಥಪೂರ್ಣವಾಗಿ ಆಚರಿಸಲಾಯಿತು.

ಜಿಲ್ಲಾಧಿಕಾರಿ ಎ.ಬಿ ಬಸವರಾಜು ಅವರು ಶ್ರೀ ಕೃಷ್ಣನ ಭಾವಚಿತ್ರಕ್ಕೆ ಪುಷ್ಪಾರ್ಚನೆ ಮಾಡುವ ಮೂಲಕ ಗೌರವ ನಮನ ಸಲ್ಲಿಸಿ ಮಾತನಾಡಿದರು.

ಕೃಷ್ಣನ ಅವತಾರಗಳ ಬಗ್ಗೆ ಹೇಳುತ್ತಾ, ಕೃಷ್ಣ ಕಲಿಯುಗದ ಹರಿಕಾರ, ಇಂದು ದೇಶದಾದ್ಯಂತ ಹಲವಾರು ಪೂಜೆ ಪುನಸ್ಕಾರಗಳನ್ನು ಮಾಡಲಾಗುತ್ತಿದೆ. ಅದರಲ್ಲೂ ನಮ್ಮ ಉತ್ತರ ಭಾರತದಲ್ಲಿ ದೊಡ್ಡ ಹಬ್ಬವಾಗಿ ಆಚರಿಸುತ್ತಾರೆ. ಯಾವುದೇ ಕೆಲಸವನ್ನು ಪ್ರಾರಂಭಿಸುವದಕ್ಕಿಂತ ಮೊದಲು ಜನರು ದೇವರಲ್ಲಿ ನಂಬಿಕೆ ಇಟ್ಟು ಮುಂದಿನ ಕಾರ್ಯವನ್ನು ಮಾಡಬೇಕು. ಭಗವದ್ಗೀತೆಯಲ್ಲಿನ ಶ್ಲೋಕಗಳು ಜೀವನದ ಮೌಲ್ಯಗಳನ್ನು ತೋರಿಸುತ್ತದೆ. ಹಾಗಾಗಿ ಶ್ರೀ ಕೃಷ್ಣರ ಭಗವದ್ಗೀತೆಯನ್ನು ಎಲ್ಲರೂ ಓದಬೇಕು ಎಂದರು. ಕಾರ್ಯಕ್ರಮದಲ್ಲಿ ಜಿಲ್ಲಾ ಮಟ್ಟದ ಅಧಿಕಾರಿಗಳು ಹಾಗೂ ಸಿಬ್ಬಂದಿಗಳು ಉಪಸ್ಥಿತರಿದ್ದರು.
